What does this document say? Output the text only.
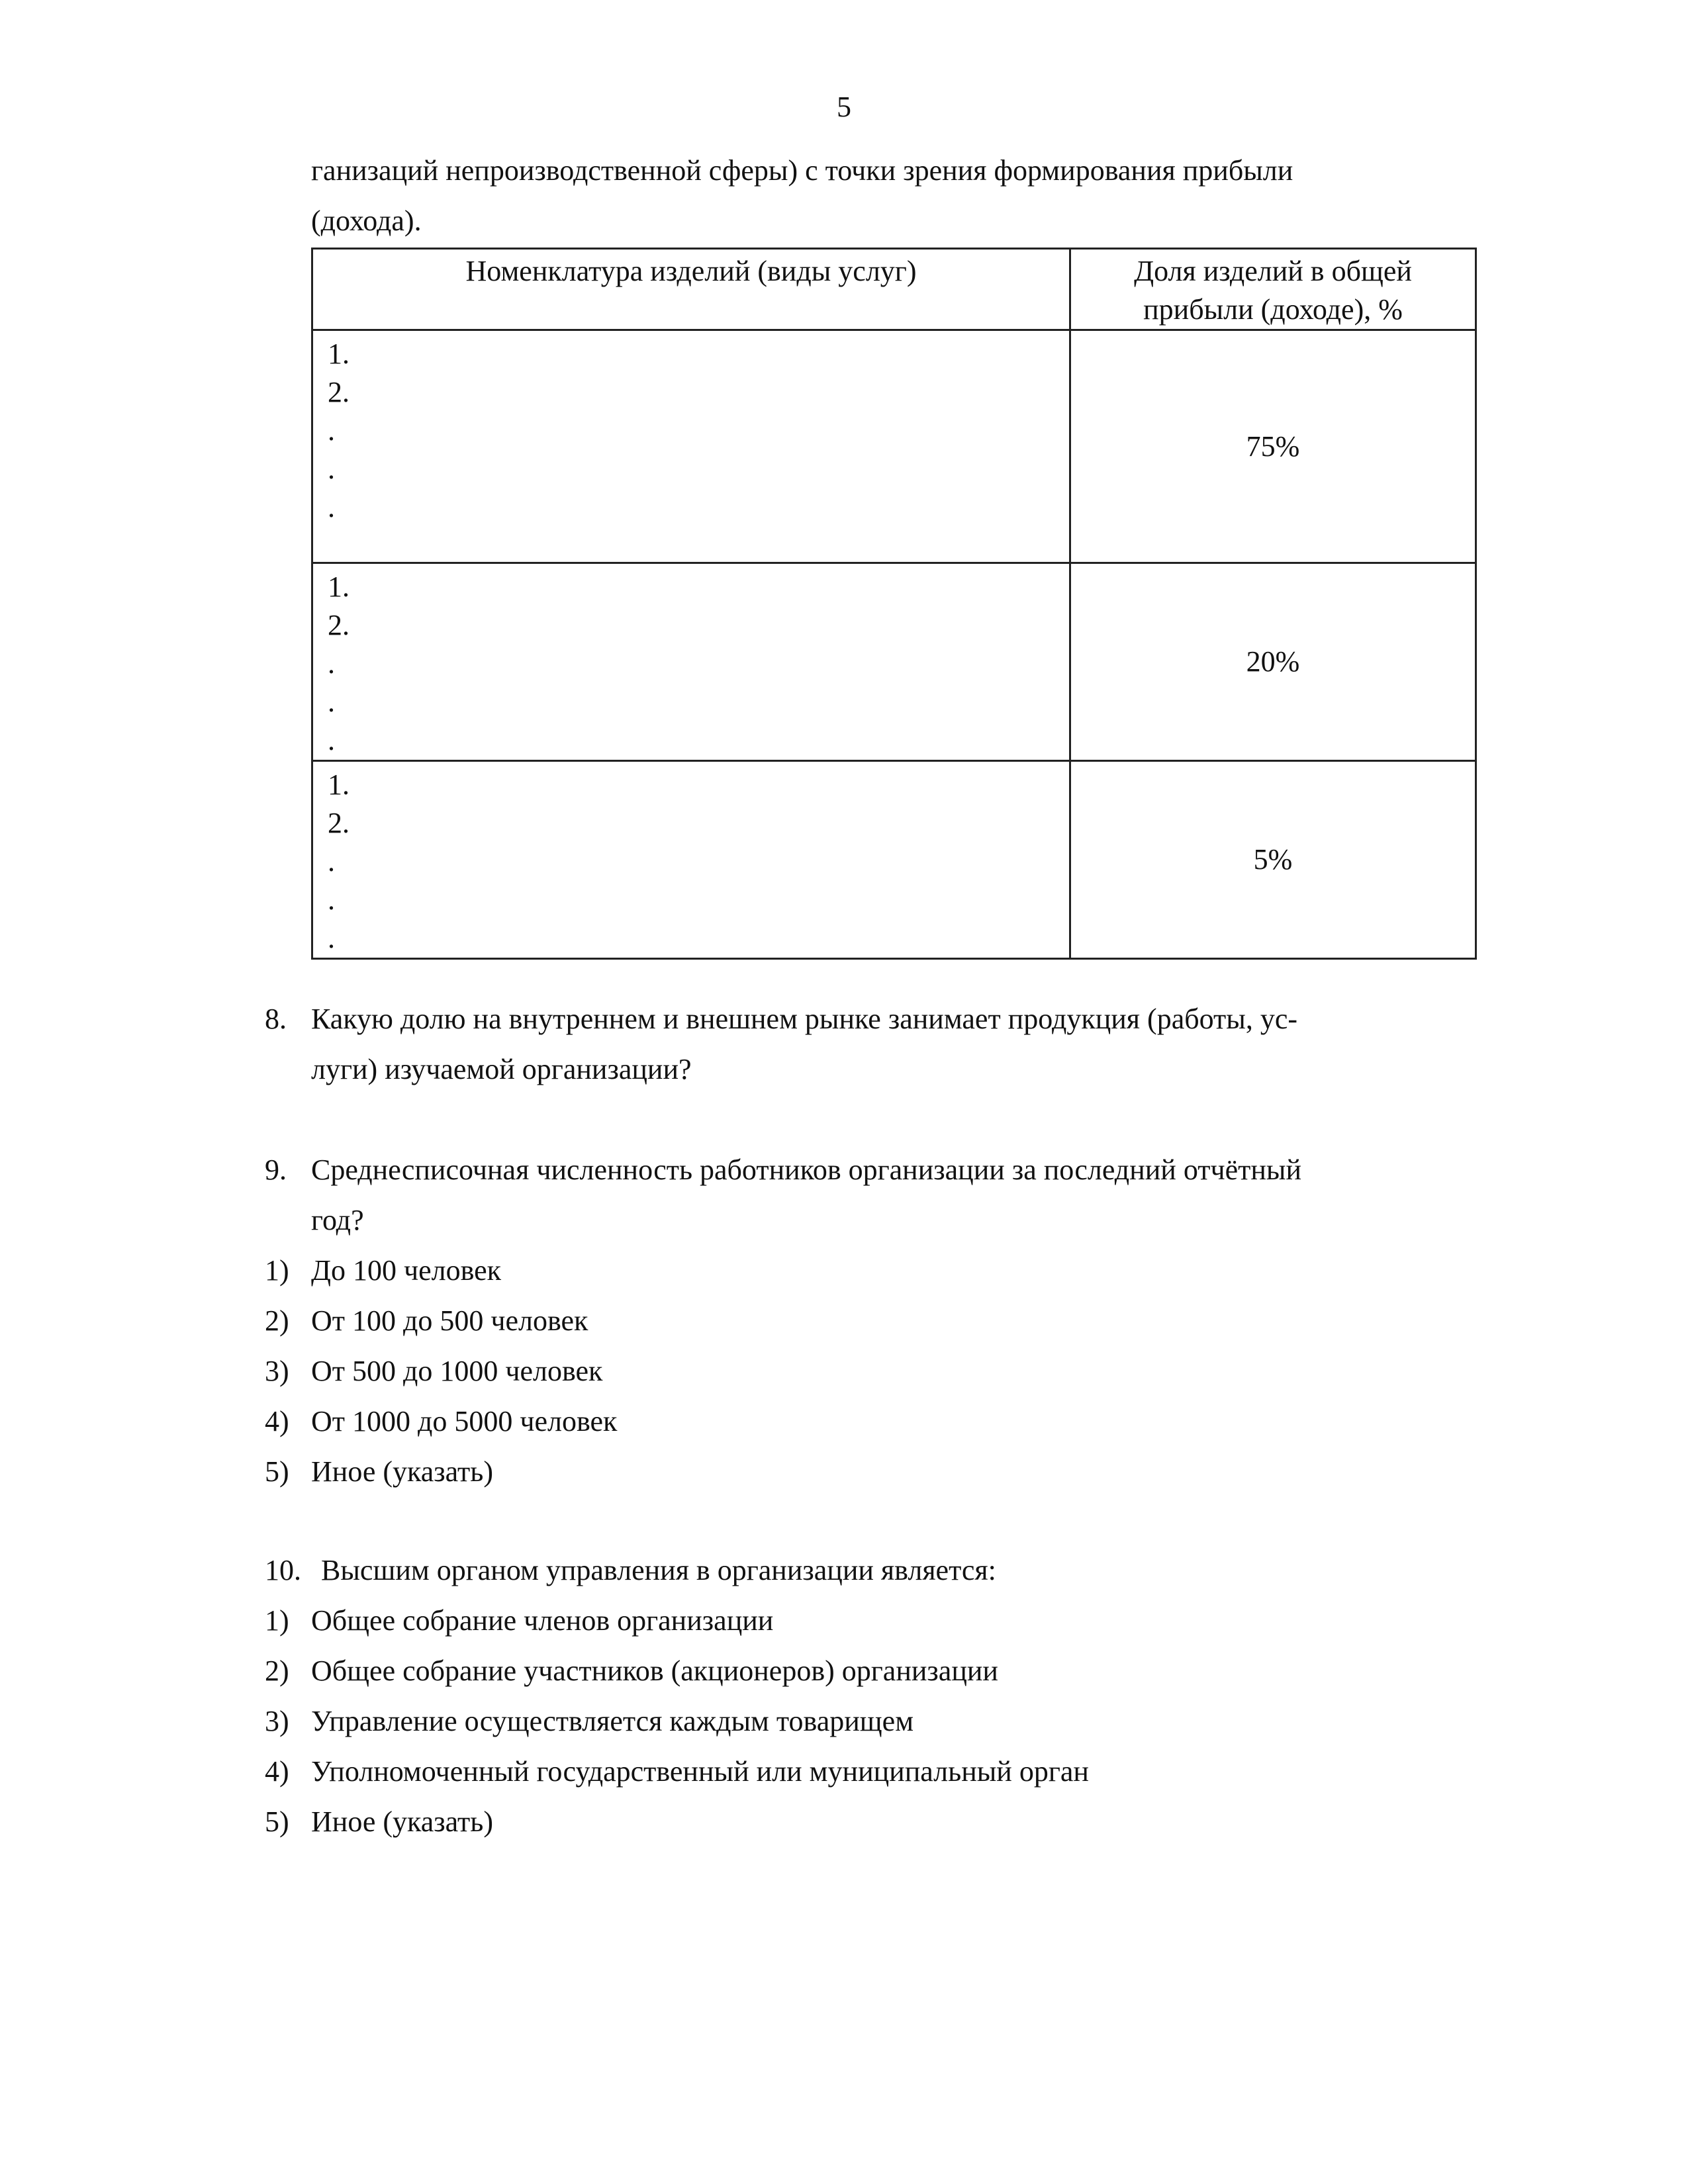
5

ганизаций непроизводственной сферы) с точки зрения формирования прибыли

(дохода).

Номенклатура изделий (виды услуг)	Доля изделий в общей
прибыли (доходе), %

1.
2.
.
.
.	75%

1.
2.
.
.
.	20%

1.
2.
.
.
.	5%
8. Какую долю на внутреннем и внешнем рынке занимает продукция (работы, ус-
луги) изучаемой организации?
9. Среднесписочная численность работников организации за последний отчётный
год?
1) До 100 человек
2) От 100 до 500 человек
3) От 500 до 1000 человек
4) От 1000 до 5000 человек
5) Иное (указать)
10. Высшим органом управления в организации является:
1) Общее собрание членов организации
2) Общее собрание участников (акционеров) организации
3) Управление осуществляется каждым товарищем
4) Уполномоченный государственный или муниципальный орган
5) Иное (указать)
